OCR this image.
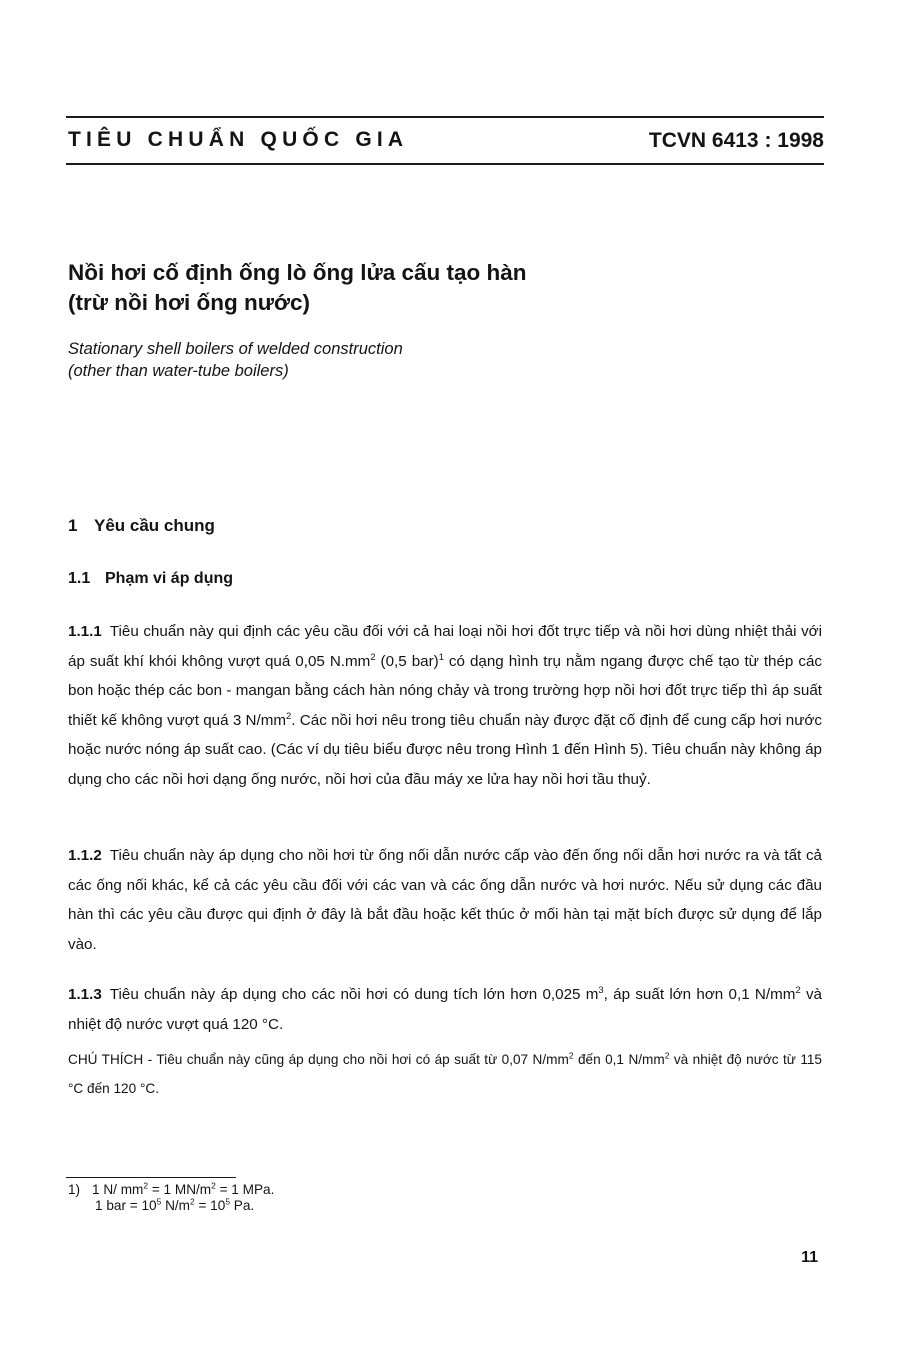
TIÊU CHUẨN QUỐC GIA	TCVN 6413 : 1998
Nồi hơi cố định ống lò ống lửa cấu tạo hàn
(trừ nồi hơi ống nước)
Stationary shell boilers of welded construction
(other than water-tube boilers)
1 Yêu cầu chung
1.1 Phạm vi áp dụng
1.1.1 Tiêu chuẩn này qui định các yêu cầu đối với cả hai loại nồi hơi đốt trực tiếp và nồi hơi dùng nhiệt thải với áp suất khí khói không vượt quá 0,05 $N.mm^2$ (0,5 bar)$^1$ có dạng hình trụ nằm ngang được chế tạo từ thép các bon hoặc thép các bon - mangan bằng cách hàn nóng chảy và trong trường hợp nồi hơi đốt trực tiếp thì áp suất thiết kế không vượt quá 3 $N/mm^2$. Các nồi hơi nêu trong tiêu chuẩn này được đặt cố định để cung cấp hơi nước hoặc nước nóng áp suất cao. (Các ví dụ tiêu biểu được nêu trong Hình 1 đến Hình 5). Tiêu chuẩn này không áp dụng cho các nồi hơi dạng ống nước, nồi hơi của đầu máy xe lửa hay nồi hơi tầu thuỷ.
1.1.2 Tiêu chuẩn này áp dụng cho nồi hơi từ ống nối dẫn nước cấp vào đến ống nối dẫn hơi nước ra và tất cả các ống nối khác, kể cả các yêu cầu đối với các van và các ống dẫn nước và hơi nước. Nếu sử dụng các đầu hàn thì các yêu cầu được qui định ở đây là bắt đầu hoặc kết thúc ở mối hàn tại mặt bích được sử dụng để lắp vào.
1.1.3 Tiêu chuẩn này áp dụng cho các nồi hơi có dung tích lớn hơn 0,025 $m^3$, áp suất lớn hơn 0,1 $N/mm^2$ và nhiệt độ nước vượt quá 120 °C.
CHÚ THÍCH - Tiêu chuẩn này cũng áp dụng cho nồi hơi có áp suất từ 0,07 $N/mm^2$ đến 0,1 $N/mm^2$ và nhiệt độ nước từ 115 °C đến 120 °C.
1) 1 N/ $mm^2 = 1$ $MN/m^2 = 1$ MPa.
1 bar = $10^5$ $N/m^2 = 10^5$ Pa.
11
